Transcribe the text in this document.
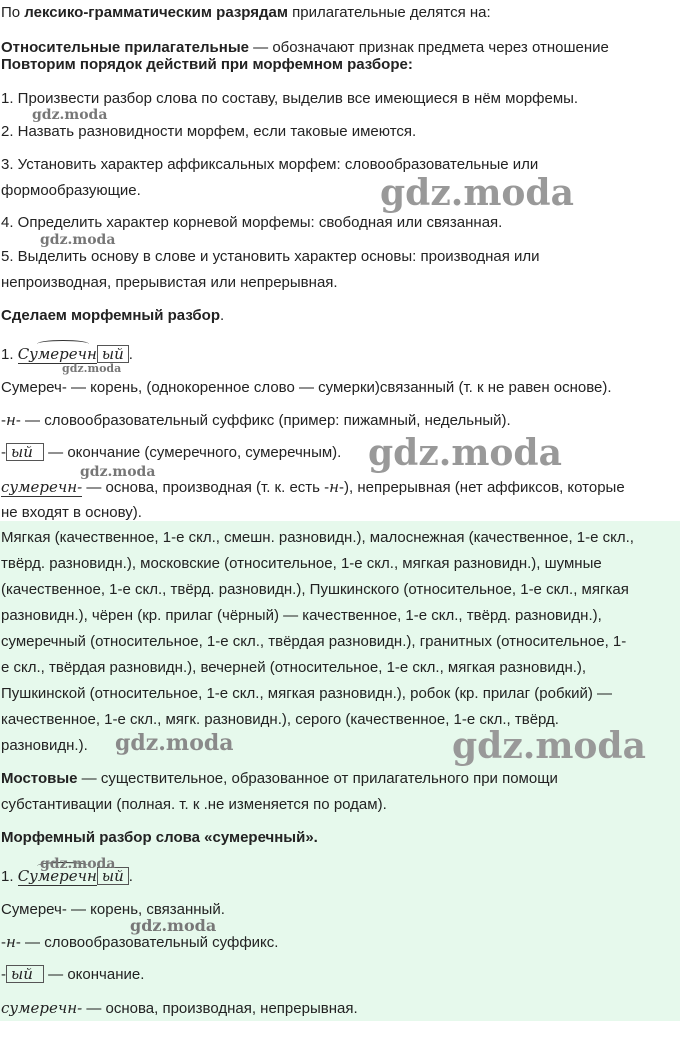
По лексико-грамматическим разрядам прилагательные делятся на:
Относительные прилагательные — обозначают признак предмета через отношение
Повторим порядок действий при морфемном разборе:
1. Произвести разбор слова по составу, выделив все имеющиеся в нём морфемы.
2. Назвать разновидности морфем, если таковые имеются.
3. Установить характер аффиксальных морфем: словообразовательные или
формообразующие.
4. Определить характер корневой морфемы: свободная или связанная.
5. Выделить основу в слове и установить характер основы: производная или
непроизводная, прерывистая или непрерывная.
Сделаем морфемный разбор.
1. Сумеречн ый .
Сумереч- — корень, (однокоренное слово — сумерки)связанный (т. к не равен основе).
-н- — словообразовательный суффикс (пример: пижамный, недельный).
- ый — окончание (сумеречного, сумеречным).
сумеречн- — основа, производная (т. к. есть -н-), непрерывная (нет аффиксов, которые
не входят в основу).
Мягкая (качественное, 1-е скл., смешн. разновидн.), малоснежная (качественное, 1-е скл.,
твёрд. разновидн.), московские (относительное, 1-е скл., мягкая разновидн.), шумные
(качественное, 1-е скл., твёрд. разновидн.), Пушкинского (относительное, 1-е скл., мягкая
разновидн.), чёрен (кр. прилаг (чёрный) — качественное, 1-е скл., твёрд. разновидн.),
сумеречный (относительное, 1-е скл., твёрдая разновидн.), гранитных (относительное, 1-
е скл., твёрдая разновидн.), вечерней (относительное, 1-е скл., мягкая разновидн.),
Пушкинской (относительное, 1-е скл., мягкая разновидн.), робок (кр. прилаг (робкий) —
качественное, 1-е скл., мягк. разновидн.), серого (качественное, 1-е скл., твёрд.
разновидн.).
Мостовые — существительное, образованное от прилагательного при помощи
субстантивации (полная. т. к .не изменяется по родам).
Морфемный разбор слова «сумеречный».
1. Сумеречн ый .
Сумереч- — корень, связанный.
-н- — словообразовательный суффикс.
- ый — окончание.
сумеречн- — основа, производная, непрерывная.
gdz.moda
gdz.moda
gdz.moda
gdz.moda
gdz.moda
gdz.moda
gdz.moda	gdz.moda
gdz.moda
gdz.moda
